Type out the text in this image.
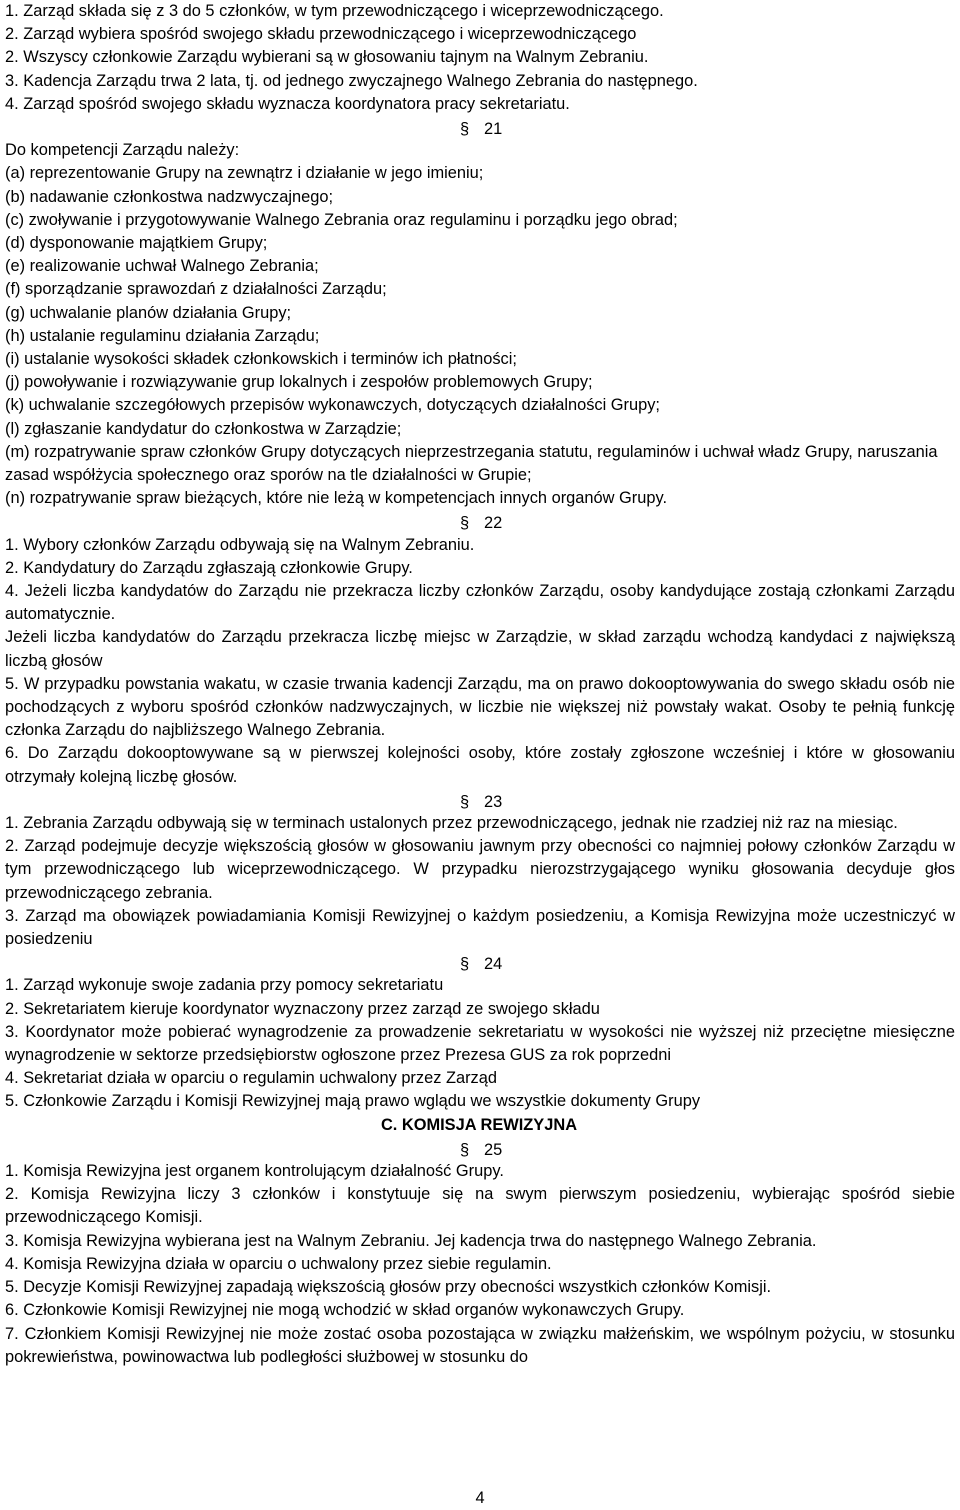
1. Zarząd składa się z 3 do 5 członków, w tym przewodniczącego i wiceprzewodniczącego.
2. Zarząd wybiera spośród swojego składu przewodniczącego i wiceprzewodniczącego
2. Wszyscy członkowie Zarządu wybierani są w głosowaniu tajnym na Walnym Zebraniu.
3. Kadencja Zarządu trwa 2 lata, tj. od jednego zwyczajnego Walnego Zebrania do następnego.
4. Zarząd spośród swojego składu wyznacza koordynatora pracy sekretariatu.
§ 21
Do kompetencji Zarządu należy:
(a) reprezentowanie Grupy na zewnątrz i działanie w jego imieniu;
(b) nadawanie członkostwa nadzwyczajnego;
(c) zwoływanie i przygotowywanie Walnego Zebrania oraz regulaminu i porządku jego obrad;
(d) dysponowanie majątkiem Grupy;
(e) realizowanie uchwał Walnego Zebrania;
(f) sporządzanie sprawozdań z działalności Zarządu;
(g) uchwalanie planów działania Grupy;
(h) ustalanie regulaminu działania Zarządu;
(i) ustalanie wysokości składek członkowskich i terminów ich płatności;
(j) powoływanie i rozwiązywanie grup lokalnych i zespołów problemowych Grupy;
(k) uchwalanie szczegółowych przepisów wykonawczych, dotyczących działalności Grupy;
(l) zgłaszanie kandydatur do członkostwa w Zarządzie;
(m) rozpatrywanie spraw członków Grupy dotyczących nieprzestrzegania statutu, regulaminów i uchwał władz Grupy, naruszania zasad współżycia społecznego oraz sporów na tle działalności w Grupie;
(n) rozpatrywanie spraw bieżących, które nie leżą w kompetencjach innych organów Grupy.
§ 22
1. Wybory członków Zarządu odbywają się na Walnym Zebraniu.
2. Kandydatury do Zarządu zgłaszają członkowie Grupy.
4. Jeżeli liczba kandydatów do Zarządu nie przekracza liczby członków Zarządu, osoby kandydujące zostają członkami Zarządu automatycznie.
Jeżeli liczba kandydatów do Zarządu przekracza liczbę miejsc w Zarządzie, w skład zarządu wchodzą kandydaci z największą liczbą głosów
5. W przypadku powstania wakatu, w czasie trwania kadencji Zarządu, ma on prawo dokooptowywania do swego składu osób nie pochodzących z wyboru spośród członków nadzwyczajnych, w liczbie nie większej niż powstały wakat. Osoby te pełnią funkcję członka Zarządu do najbliższego Walnego Zebrania.
6. Do Zarządu dokooptowywane są w pierwszej kolejności osoby, które zostały zgłoszone wcześniej i które w głosowaniu otrzymały kolejną liczbę głosów.
§ 23
1. Zebrania Zarządu odbywają się w terminach ustalonych przez przewodniczącego, jednak nie rzadziej niż raz na miesiąc.
2. Zarząd podejmuje decyzje większością głosów w głosowaniu jawnym przy obecności co najmniej połowy członków Zarządu w tym przewodniczącego lub wiceprzewodniczącego. W przypadku nierozstrzygającego wyniku głosowania decyduje głos przewodniczącego zebrania.
3. Zarząd ma obowiązek powiadamiania Komisji Rewizyjnej o każdym posiedzeniu, a Komisja Rewizyjna może uczestniczyć w posiedzeniu
§ 24
1. Zarząd wykonuje swoje zadania przy pomocy sekretariatu
2. Sekretariatem kieruje koordynator wyznaczony przez zarząd ze swojego składu
3. Koordynator może pobierać wynagrodzenie za prowadzenie sekretariatu w wysokości nie wyższej niż przeciętne miesięczne wynagrodzenie w sektorze przedsiębiorstw ogłoszone przez Prezesa GUS za rok poprzedni
4. Sekretariat działa w oparciu o regulamin uchwalony przez Zarząd
5. Członkowie Zarządu i Komisji Rewizyjnej mają prawo wglądu we wszystkie dokumenty Grupy
C. KOMISJA REWIZYJNA
§ 25
1. Komisja Rewizyjna jest organem kontrolującym działalność Grupy.
2. Komisja Rewizyjna liczy 3 członków i konstytuuje się na swym pierwszym posiedzeniu, wybierając spośród siebie przewodniczącego Komisji.
3. Komisja Rewizyjna wybierana jest na Walnym Zebraniu. Jej kadencja trwa do następnego Walnego Zebrania.
4. Komisja Rewizyjna działa w oparciu o uchwalony przez siebie regulamin.
5. Decyzje Komisji Rewizyjnej zapadają większością głosów przy obecności wszystkich członków Komisji.
6. Członkowie Komisji Rewizyjnej nie mogą wchodzić w skład organów wykonawczych Grupy.
7. Członkiem Komisji Rewizyjnej nie może zostać osoba pozostająca w związku małżeńskim, we wspólnym pożyciu, w stosunku pokrewieństwa, powinowactwa lub podległości służbowej w stosunku do
4
